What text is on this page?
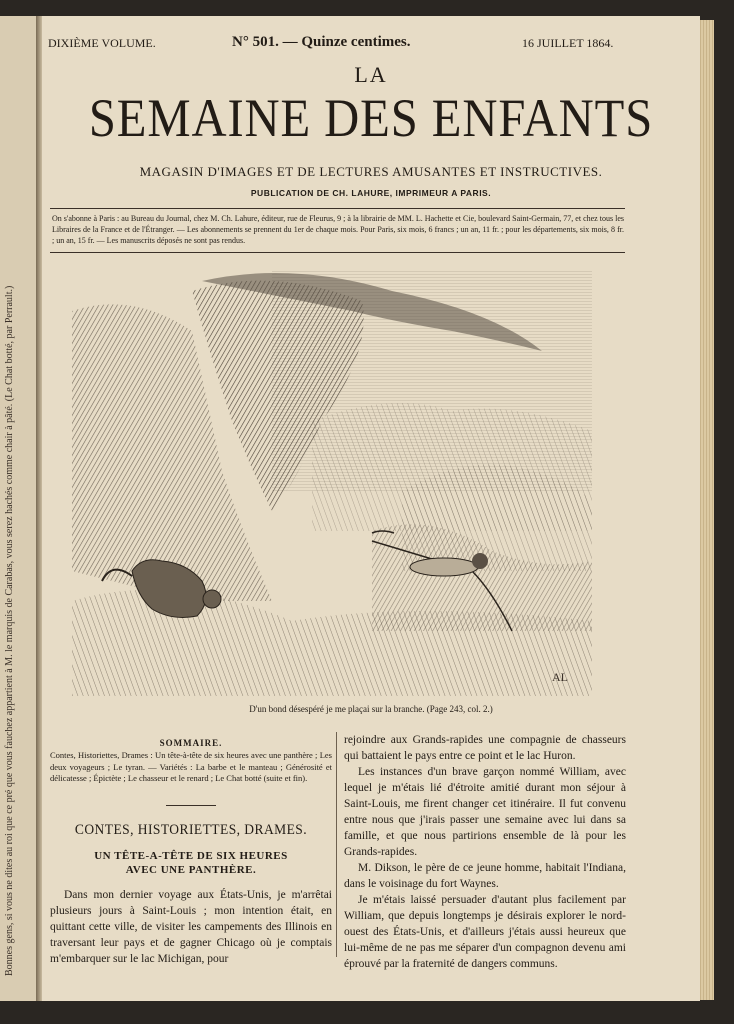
Bonnes gens, si vous ne dites au roi que ce pré que vous fauchez appartient à M. le marquis de Carabas, vous serez hachés comme chair à pâté. (Le Chat botté, par Perrault.)
DIXIÈME VOLUME.	N° 501. — Quinze centimes.	16 JUILLET 1864.
LA
SEMAINE DES ENFANTS
MAGASIN D'IMAGES ET DE LECTURES AMUSANTES ET INSTRUCTIVES.
PUBLICATION DE CH. LAHURE, IMPRIMEUR A PARIS.
On s'abonne à Paris : au Bureau du Journal, chez M. Ch. Lahure, éditeur, rue de Fleurus, 9 ; à la librairie de MM. L. Hachette et Cie, boulevard Saint-Germain, 77, et chez tous les Libraires de la France et de l'Étranger. — Les abonnements se prennent du 1er de chaque mois. Pour Paris, six mois, 6 francs ; un an, 11 fr. ; pour les départements, six mois, 8 fr. ; un an, 15 fr. — Les manuscrits déposés ne sont pas rendus.
AL
D'un bond désespéré je me plaçai sur la branche. (Page 243, col. 2.)
SOMMAIRE.
Contes, Historiettes, Drames : Un tête-à-tête de six heures avec une panthère ; Les deux voyageurs ; Le tyran. — Variétés : La barbe et le manteau ; Générosité et délicatesse ; Épictète ; Le chasseur et le renard ; Le Chat botté (suite et fin).
CONTES, HISTORIETTES, DRAMES.
UN TÊTE-A-TÊTE DE SIX HEURES
AVEC UNE PANTHÈRE.
Dans mon dernier voyage aux États-Unis, je m'arrêtai plusieurs jours à Saint-Louis ; mon intention était, en quittant cette ville, de visiter les campements des Illinois en traversant leur pays et de gagner Chicago où je comptais m'embarquer sur le lac Michigan, pour

rejoindre aux Grands-rapides une compagnie de chasseurs qui battaient le pays entre ce point et le lac Huron.

Les instances d'un brave garçon nommé William, avec lequel je m'étais lié d'étroite amitié durant mon séjour à Saint-Louis, me firent changer cet itinéraire. Il fut convenu entre nous que j'irais passer une semaine avec lui dans sa famille, et que nous partirions ensemble de là pour les Grands-rapides.

M. Dikson, le père de ce jeune homme, habitait l'Indiana, dans le voisinage du fort Waynes.

Je m'étais laissé persuader d'autant plus facilement par William, que depuis longtemps je désirais explorer le nord-ouest des États-Unis, et d'ailleurs j'étais aussi heureux que lui-même de ne pas me séparer d'un compagnon devenu ami éprouvé par la fraternité de dangers communs.
